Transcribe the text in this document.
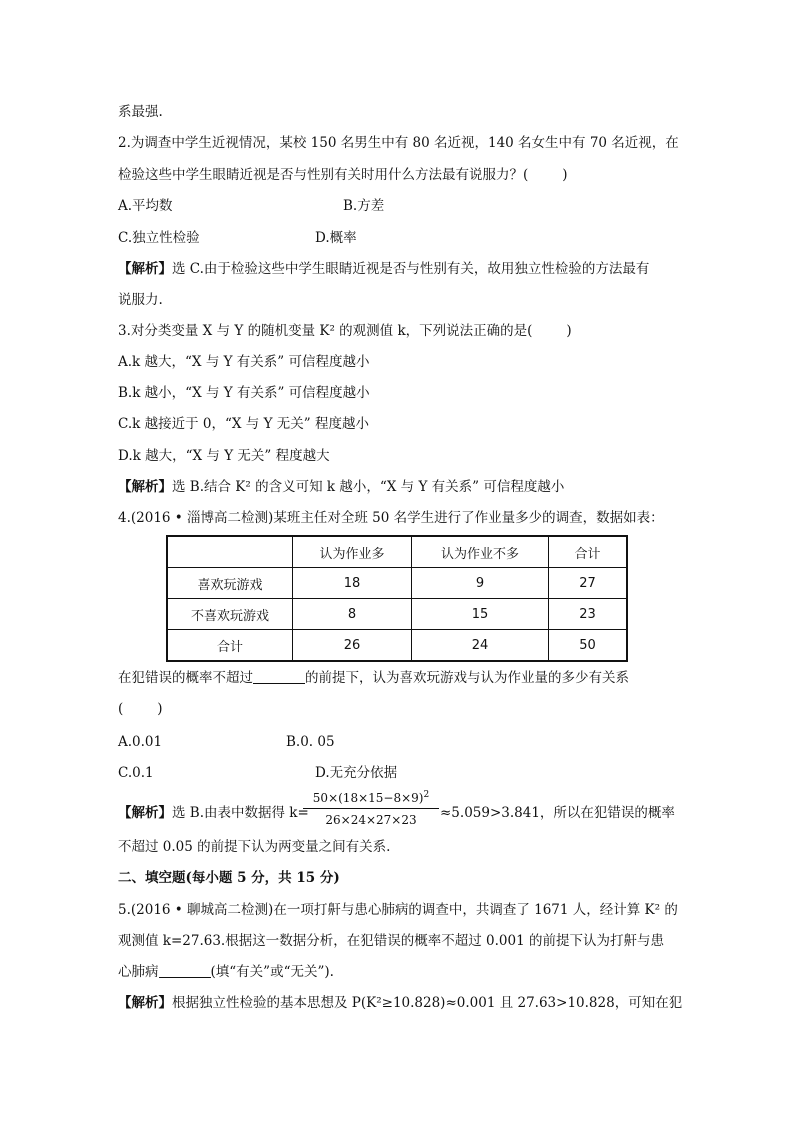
系最强.
2.为调查中学生近视情况，某校 150 名男生中有 80 名近视，140 名女生中有 70 名近视，在
检验这些中学生眼睛近视是否与性别有关时用什么方法最有说服力？(	)
A.平均数	B.方差
C.独立性检验	D.概率
【解析】选 C.由于检验这些中学生眼睛近视是否与性别有关，故用独立性检验的方法最有
说服力.
3.对分类变量 X 与 Y 的随机变量 K² 的观测值 k，下列说法正确的是(	)
A.k 越大，“X 与 Y 有关系” 可信程度越小
B.k 越小，“X 与 Y 有关系” 可信程度越小
C.k 越接近于 0，“X 与 Y 无关” 程度越小
D.k 越大，“X 与 Y 无关” 程度越大
【解析】选 B.结合 K² 的含义可知 k 越小，“X 与 Y 有关系” 可信程度越小
4.(2016 • 淄博高二检测)某班主任对全班 50 名学生进行了作业量多少的调查，数据如表：
在犯错误的概率不超过	的前提下，认为喜欢玩游戏与认为作业量的多少有关系
(	)
A.0.01	B.0. 05
C.0.1	D.无充分依据
【解析】选 B.由表中数据得 k=	≈5.059>3.841，所以在犯错误的概率
不超过 0.05 的前提下认为两变量之间有关系.
二、填空题(每小题 5 分，共 15 分)
5.(2016 • 聊城高二检测)在一项打鼾与患心肺病的调查中，共调查了 1671 人，经计算 K² 的
观测值 k=27.63.根据这一数据分析，在犯错误的概率不超过 0.001 的前提下认为打鼾与患
心肺病	(填“有关”或“无关”).
【解析】根据独立性检验的基本思想及 P(K²≥10.828)≈0.001 且 27.63>10.828，可知在犯
	认为作业多	认为作业不多	合计
喜欢玩游戏	18	9	27
不喜欢玩游戏	8	15	23
合计	26	24	50
$\frac{50\times(18\times 15-8\times 9)^2}{26\times 24\times 27\times 23}$
